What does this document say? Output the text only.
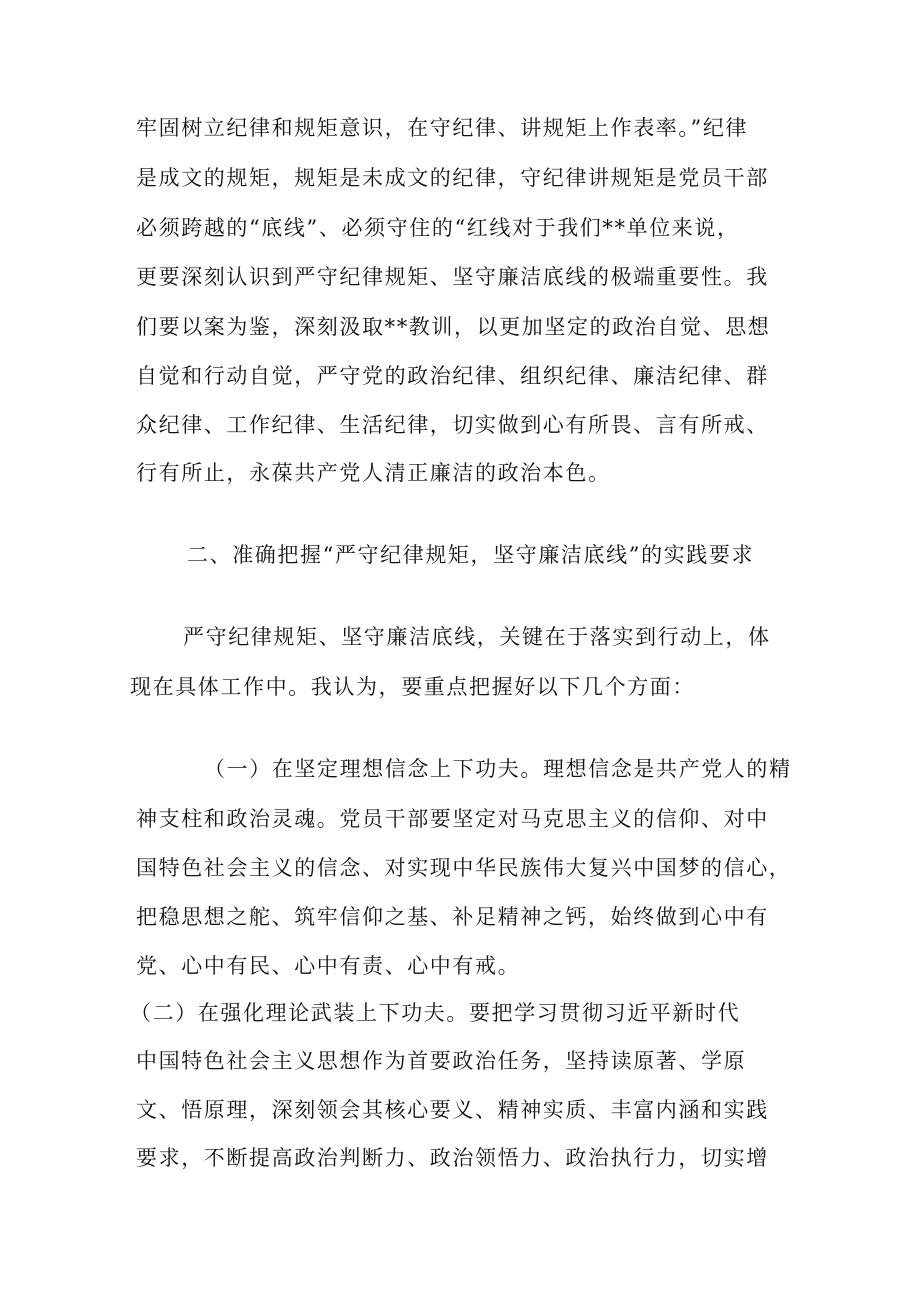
牢固树立纪律和规矩意识，在守纪律、讲规矩上作表率。”纪律
是成文的规矩，规矩是未成文的纪律，守纪律讲规矩是党员干部
必须跨越的“底线”、必须守住的“红线对于我们**单位来说，
更要深刻认识到严守纪律规矩、坚守廉洁底线的极端重要性。我
们要以案为鉴，深刻汲取**教训，以更加坚定的政治自觉、思想
自觉和行动自觉，严守党的政治纪律、组织纪律、廉洁纪律、群
众纪律、工作纪律、生活纪律，切实做到心有所畏、言有所戒、
行有所止，永葆共产党人清正廉洁的政治本色。
二、准确把握“严守纪律规矩，坚守廉洁底线”的实践要求
严守纪律规矩、坚守廉洁底线，关键在于落实到行动上，体
现在具体工作中。我认为，要重点把握好以下几个方面：
（一）在坚定理想信念上下功夫。理想信念是共产党人的精
神支柱和政治灵魂。党员干部要坚定对马克思主义的信仰、对中
国特色社会主义的信念、对实现中华民族伟大复兴中国梦的信心，
把稳思想之舵、筑牢信仰之基、补足精神之钙，始终做到心中有
党、心中有民、心中有责、心中有戒。
（二）在强化理论武装上下功夫。要把学习贯彻习近平新时代
中国特色社会主义思想作为首要政治任务，坚持读原著、学原
文、悟原理，深刻领会其核心要义、精神实质、丰富内涵和实践
要求，不断提高政治判断力、政治领悟力、政治执行力，切实增
